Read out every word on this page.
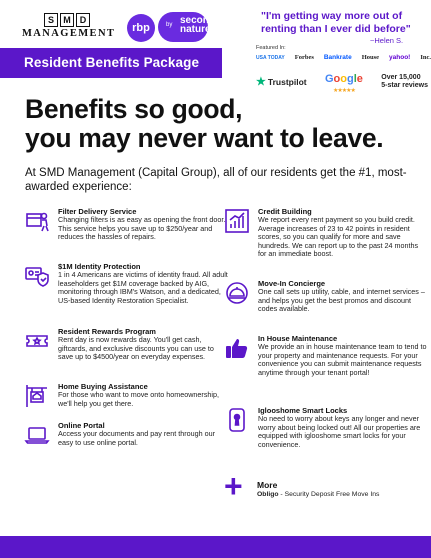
S	M	D
MANAGEMENT	rbp	by second nature
Resident Benefits Package
"I'm getting way more out of renting than I ever did before"
~Helen S.
Featured In:
USA TODAY Forbes Bankrate House yahoo! Inc.
★ Trustpilot Google
★★★★★
Over 15,000
5-star reviews
Benefits so good,
you may never want to leave.
At SMD Management (Capital Group), all of our residents get the #1, most-awarded experience:
Filter Delivery Service
Changing filters is as easy as opening the front door. This service helps you save up to $250/year and reduces the hassles of repairs.
$1M Identity Protection
1 in 4 Americans are victims of identity fraud. All adult leaseholders get $1M coverage backed by AIG, monitoring through IBM's Watson, and a dedicated, US-based Identity Restoration Specialist.
Resident Rewards Program
Rent day is now rewards day. You'll get cash, giftcards, and exclusive discounts you can use to save up to $4500/year on everyday expenses.
Home Buying Assistance
For those who want to move onto homeownership, we'll help you get there.
Online Portal
Access your documents and pay rent through our easy to use online portal.
Credit Building
We report every rent payment so you build credit. Average increases of 23 to 42 points in resident scores, so you can qualify for more and save hundreds. We can report up to the past 24 months for an immediate boost.
Move-In Concierge
One call sets up utility, cable, and internet services – and helps you get the best promos and discount codes available.
In House Maintenance
We provide an in house maintenance team to tend to your property and maintenance requests. For your convenience you can submit maintenance requests anytime through your tenant portal!
Iglooshome Smart Locks
No need to worry about keys any longer and never worry about being locked out! All our properties are equipped with iglooshome smart locks for your convenience.
+	More
Obligo - Security Deposit Free Move Ins
